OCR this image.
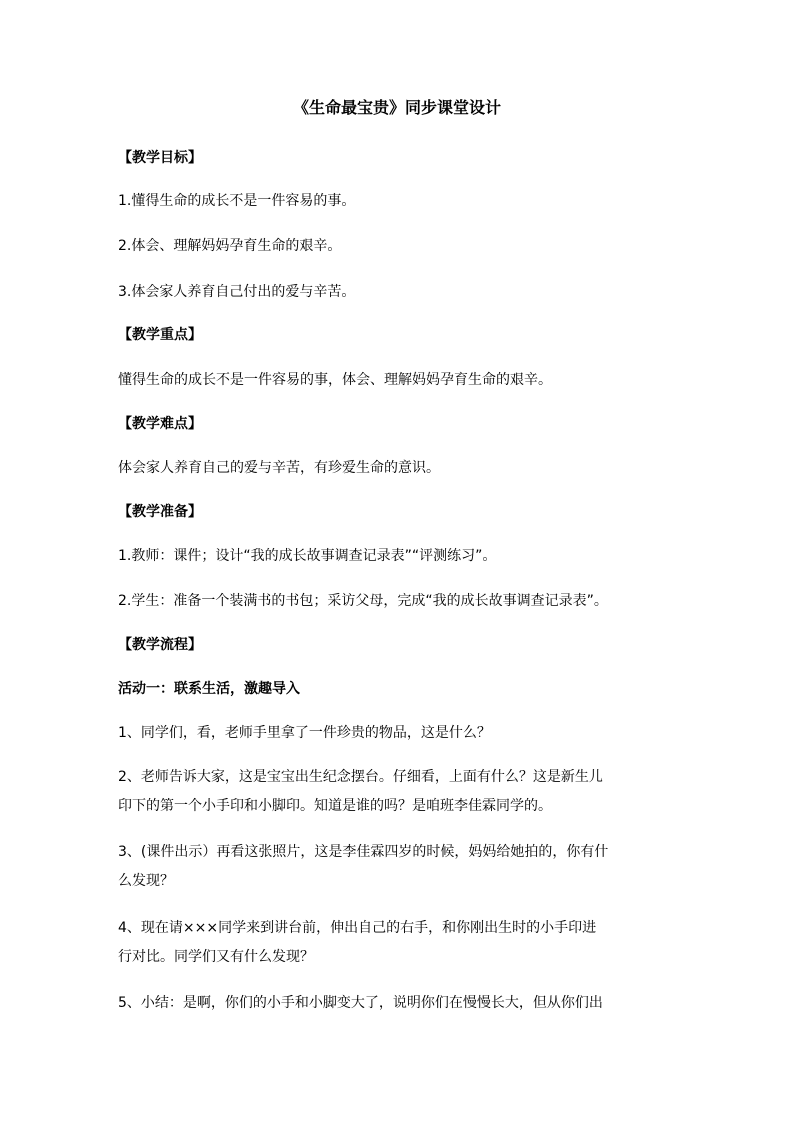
《生命最宝贵》同步课堂设计
【教学目标】
1.懂得生命的成长不是一件容易的事。
2.体会、理解妈妈孕育生命的艰辛。
3.体会家人养育自己付出的爱与辛苦。
【教学重点】
懂得生命的成长不是一件容易的事，体会、理解妈妈孕育生命的艰辛。
【教学难点】
体会家人养育自己的爱与辛苦，有珍爱生命的意识。
【教学准备】
1.教师：课件；设计“我的成长故事调查记录表”“评测练习”。
2.学生：准备一个装满书的书包；采访父母，完成“我的成长故事调查记录表”。
【教学流程】
活动一：联系生活，激趣导入
1、同学们，看，老师手里拿了一件珍贵的物品，这是什么？
2、老师告诉大家，这是宝宝出生纪念摆台。仔细看，上面有什么？这是新生儿
印下的第一个小手印和小脚印。知道是谁的吗？是咱班李佳霖同学的。
3、(课件出示）再看这张照片，这是李佳霖四岁的时候，妈妈给她拍的，你有什
么发现？
4、现在请×××同学来到讲台前，伸出自己的右手，和你刚出生时的小手印进
行对比。同学们又有什么发现？
5、小结：是啊，你们的小手和小脚变大了，说明你们在慢慢长大，但从你们出
